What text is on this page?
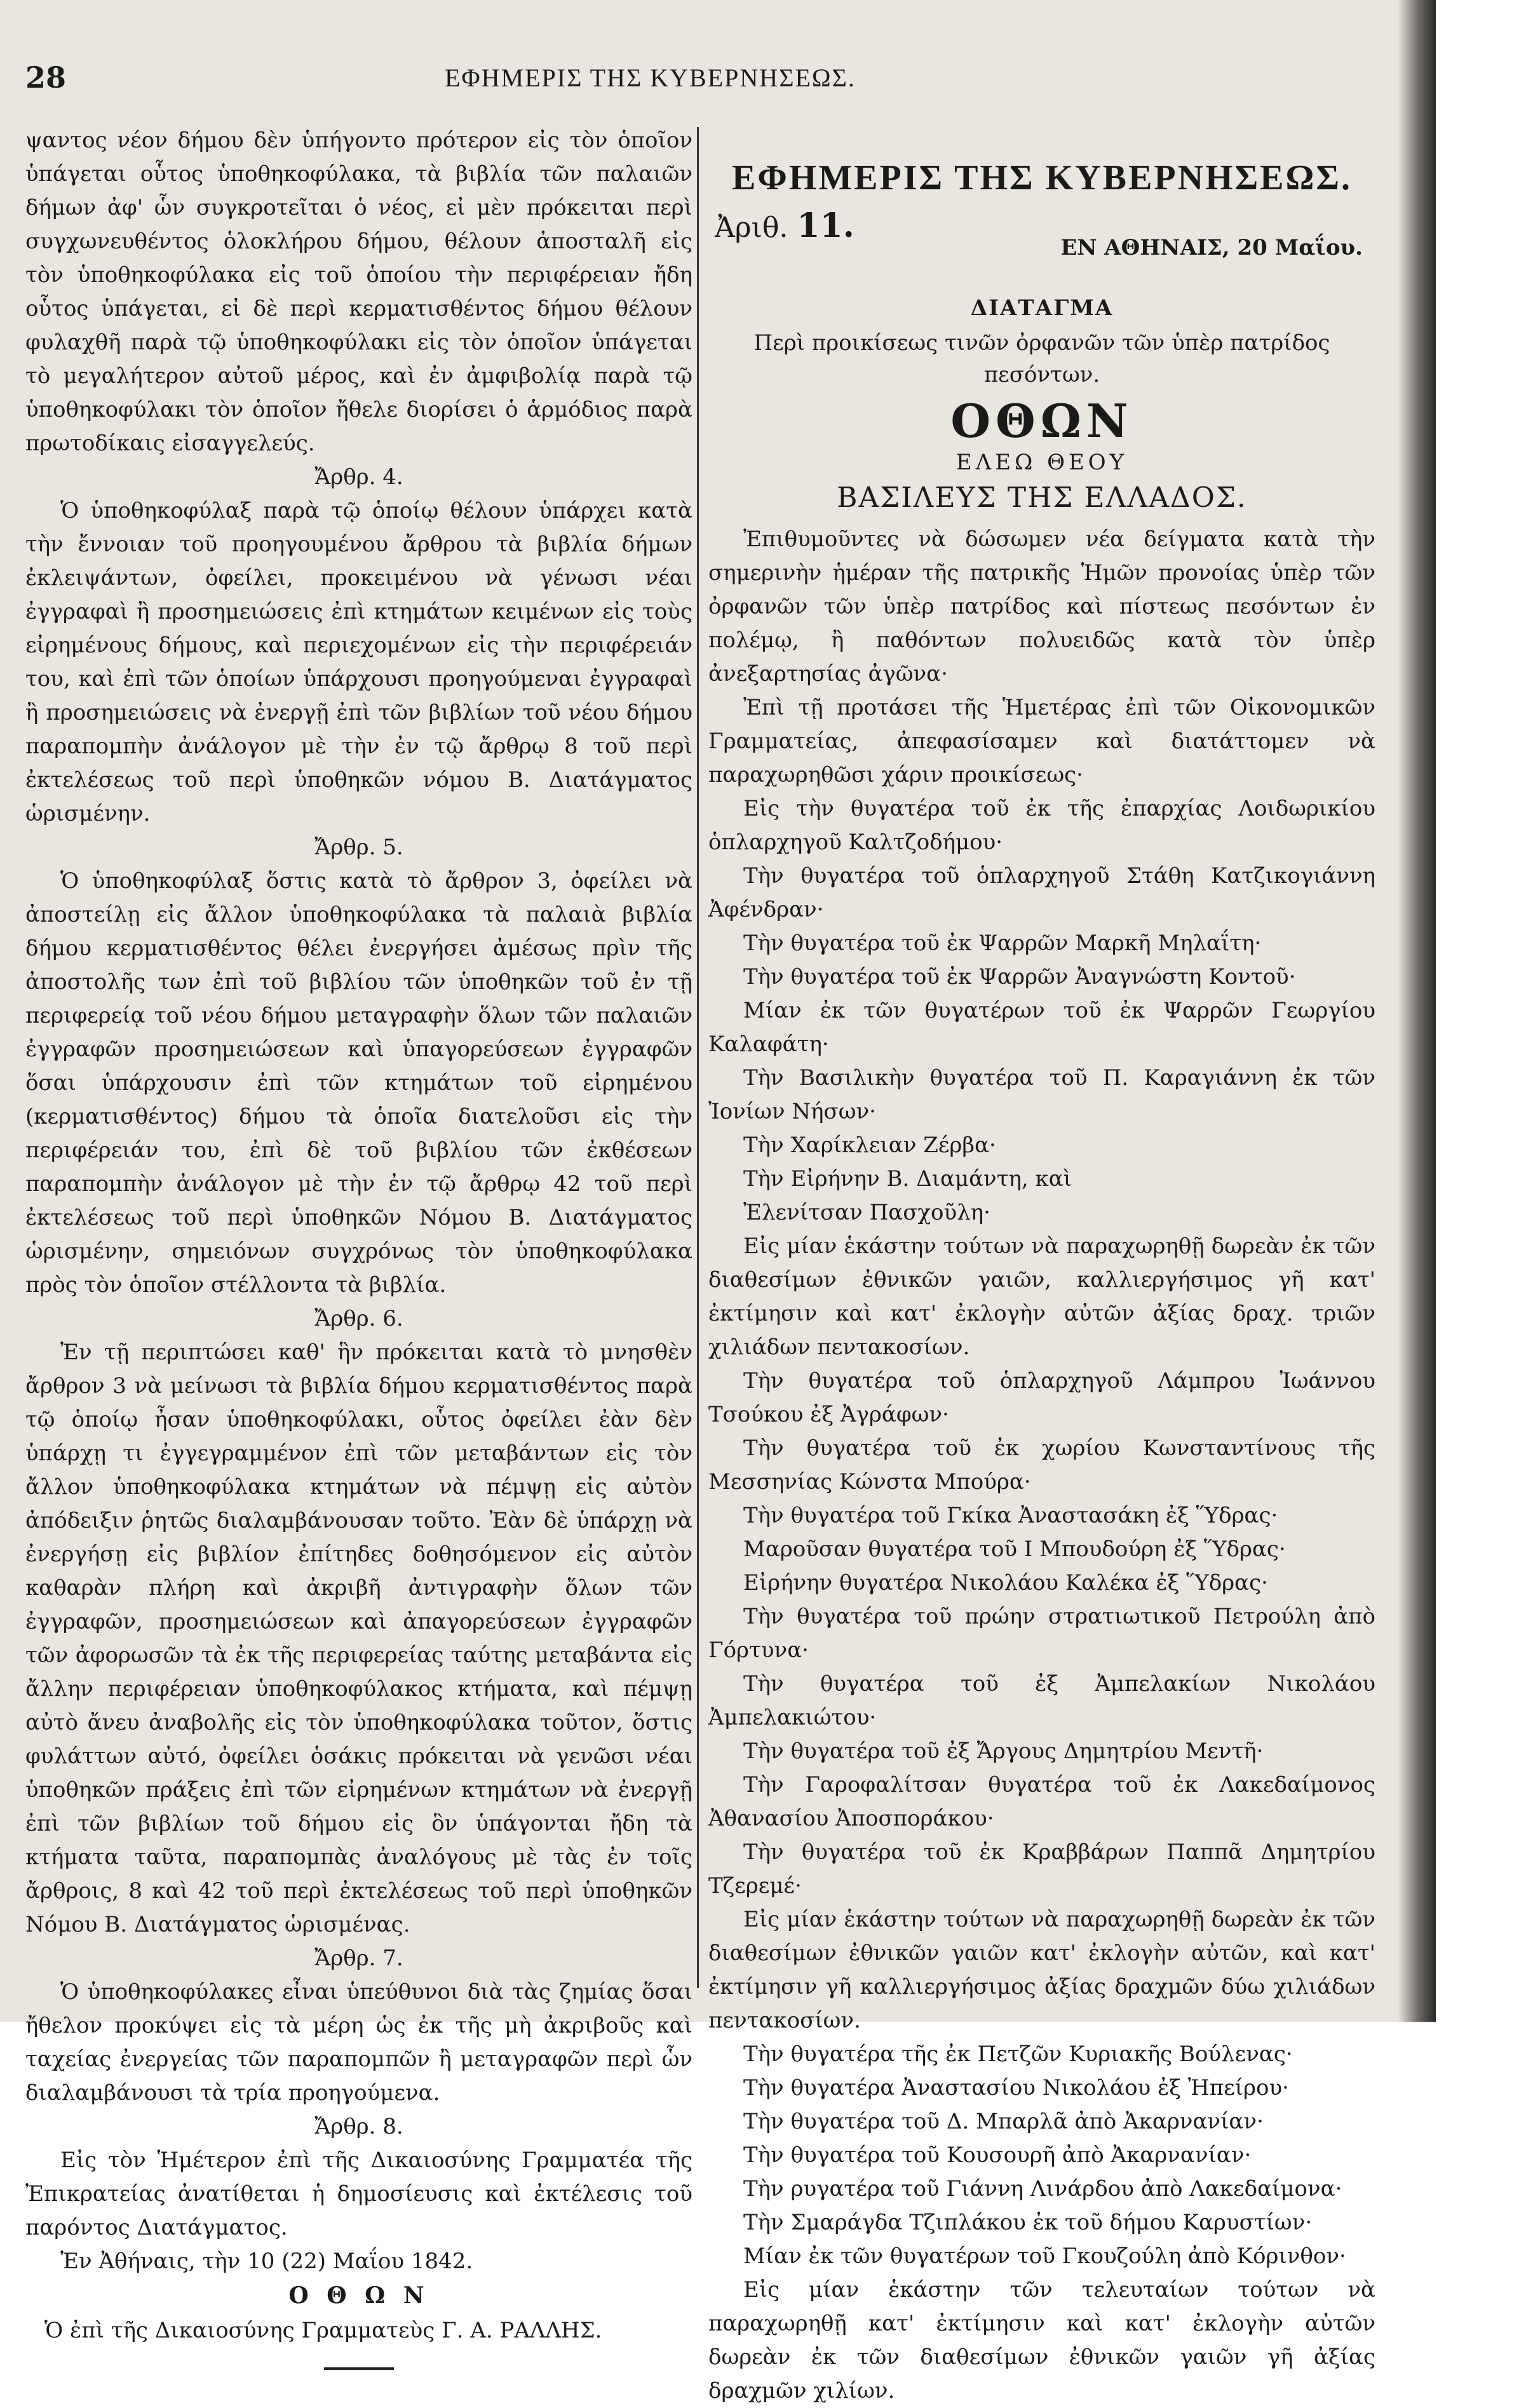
28	ΕΦΗΜΕΡΙΣ ΤΗΣ ΚΥΒΕΡΝΗΣΕΩΣ.

ψαντος νέον δήμου δὲν ὑπήγοντο πρότερον εἰς τὸν ὁποῖον ὑπάγεται οὗτος ὑποθηκοφύλακα, τὰ βιβλία τῶν παλαιῶν δήμων ἀφ' ὧν συγκροτεῖται ὁ νέος, εἰ μὲν πρόκειται περὶ συγχωνευθέντος ὁλοκλήρου δήμου, θέλουν ἀποσταλῆ εἰς τὸν ὑποθηκοφύλακα εἰς τοῦ ὁποίου τὴν περιφέρειαν ἤδη οὗτος ὑπάγεται, εἰ δὲ περὶ κερματισθέντος δήμου θέλουν φυλαχθῆ παρὰ τῷ ὑποθηκοφύλακι εἰς τὸν ὁποῖον ὑπάγεται τὸ μεγαλήτερον αὐτοῦ μέρος, καὶ ἐν ἀμφιβολίᾳ παρὰ τῷ ὑποθηκοφύλακι τὸν ὁποῖον ἤθελε διορίσει ὁ ἁρμόδιος παρὰ πρωτοδίκαις εἰσαγγελεύς.

Ἄρθρ. 4.

Ὁ ὑποθηκοφύλαξ παρὰ τῷ ὁποίῳ θέλουν ὑπάρχει κατὰ τὴν ἔννοιαν τοῦ προηγουμένου ἄρθρου τὰ βιβλία δήμων ἐκλειψάντων, ὀφείλει, προκειμένου νὰ γένωσι νέαι ἐγγραφαὶ ἢ προσημειώσεις ἐπὶ κτημάτων κειμένων εἰς τοὺς εἰρημένους δήμους, καὶ περιεχομένων εἰς τὴν περιφέρειάν του, καὶ ἐπὶ τῶν ὁποίων ὑπάρχουσι προηγούμεναι ἐγγραφαὶ ἢ προσημειώσεις νὰ ἐνεργῇ ἐπὶ τῶν βιβλίων τοῦ νέου δήμου παραπομπὴν ἀνάλογον μὲ τὴν ἐν τῷ ἄρθρῳ 8 τοῦ περὶ ἐκτελέσεως τοῦ περὶ ὑποθηκῶν νόμου Β. Διατάγματος ὡρισμένην.

Ἄρθρ. 5.

Ὁ ὑποθηκοφύλαξ ὅστις κατὰ τὸ ἄρθρον 3, ὀφείλει νὰ ἀποστείλῃ εἰς ἄλλον ὑποθηκοφύλακα τὰ παλαιὰ βιβλία δήμου κερματισθέντος θέλει ἐνεργήσει ἀμέσως πρὶν τῆς ἀποστολῆς των ἐπὶ τοῦ βιβλίου τῶν ὑποθηκῶν τοῦ ἐν τῇ περιφερείᾳ τοῦ νέου δήμου μεταγραφὴν ὅλων τῶν παλαιῶν ἐγγραφῶν προσημειώσεων καὶ ὑπαγορεύσεων ἐγγραφῶν ὅσαι ὑπάρχουσιν ἐπὶ τῶν κτημάτων τοῦ εἰρημένου (κερματισθέντος) δήμου τὰ ὁποῖα διατελοῦσι εἰς τὴν περιφέρειάν του, ἐπὶ δὲ τοῦ βιβλίου τῶν ἐκθέσεων παραπομπὴν ἀνάλογον μὲ τὴν ἐν τῷ ἄρθρῳ 42 τοῦ περὶ ἐκτελέσεως τοῦ περὶ ὑποθηκῶν Νόμου Β. Διατάγματος ὡρισμένην, σημειόνων συγχρόνως τὸν ὑποθηκοφύλακα πρὸς τὸν ὁποῖον στέλλοντα τὰ βιβλία.

Ἄρθρ. 6.

Ἐν τῇ περιπτώσει καθ' ἣν πρόκειται κατὰ τὸ μνησθὲν ἄρθρον 3 νὰ μείνωσι τὰ βιβλία δήμου κερματισθέντος παρὰ τῷ ὁποίῳ ἦσαν ὑποθηκοφύλακι, οὗτος ὀφείλει ἐὰν δὲν ὑπάρχῃ τι ἐγγεγραμμένον ἐπὶ τῶν μεταβάντων εἰς τὸν ἄλλον ὑποθηκοφύλακα κτημάτων νὰ πέμψῃ εἰς αὐτὸν ἀπόδειξιν ῥητῶς διαλαμβάνουσαν τοῦτο. Ἐὰν δὲ ὑπάρχῃ νὰ ἐνεργήσῃ εἰς βιβλίον ἐπίτηδες δοθησόμενον εἰς αὐτὸν καθαρὰν πλήρη καὶ ἀκριβῆ ἀντιγραφὴν ὅλων τῶν ἐγγραφῶν, προσημειώσεων καὶ ἀπαγορεύσεων ἐγγραφῶν τῶν ἀφορωσῶν τὰ ἐκ τῆς περιφερείας ταύτης μεταβάντα εἰς ἄλλην περιφέρειαν ὑποθηκοφύλακος κτήματα, καὶ πέμψῃ αὐτὸ ἄνευ ἀναβολῆς εἰς τὸν ὑποθηκοφύλακα τοῦτον, ὅστις φυλάττων αὐτό, ὀφείλει ὁσάκις πρόκειται νὰ γενῶσι νέαι ὑποθηκῶν πράξεις ἐπὶ τῶν εἰρημένων κτημάτων νὰ ἐνεργῇ ἐπὶ τῶν βιβλίων τοῦ δήμου εἰς ὃν ὑπάγονται ἤδη τὰ κτήματα ταῦτα, παραπομπὰς ἀναλόγους μὲ τὰς ἐν τοῖς ἄρθροις, 8 καὶ 42 τοῦ περὶ ἐκτελέσεως τοῦ περὶ ὑποθηκῶν Νόμου Β. Διατάγματος ὡρισμένας.

Ἄρθρ. 7.

Ὁ ὑποθηκοφύλακες εἶναι ὑπεύθυνοι διὰ τὰς ζημίας ὅσαι ἤθελον προκύψει εἰς τὰ μέρη ὡς ἐκ τῆς μὴ ἀκριβοῦς καὶ ταχείας ἐνεργείας τῶν παραπομπῶν ἢ μεταγραφῶν περὶ ὧν διαλαμβάνουσι τὰ τρία προηγούμενα.

Ἄρθρ. 8.

Εἰς τὸν Ἡμέτερον ἐπὶ τῆς Δικαιοσύνης Γραμματέα τῆς Ἐπικρατείας ἀνατίθεται ἡ δημοσίευσις καὶ ἐκτέλεσις τοῦ παρόντος Διατάγματος.

Ἐν Ἀθήναις, τὴν 10 (22) Μαΐου 1842.

Ο Θ Ω Ν

Ὁ ἐπὶ τῆς Δικαιοσύνης Γραμματεὺς Γ. Α. ΡΑΛΛΗΣ.

ΕΦΗΜΕΡΙΣ ΤΗΣ ΚΥΒΕΡΝΗΣΕΩΣ.
Ἀριθ. 11.
ΕΝ ΑΘΗΝΑΙΣ, 20 Μαΐου.

ΔΙΑΤΑΓΜΑ

Περὶ προικίσεως τινῶν ὀρφανῶν τῶν ὑπὲρ πατρίδος πεσόντων.

ΟΘΩΝ

ΕΛΕΩ ΘΕΟΥ

ΒΑΣΙΛΕΥΣ ΤΗΣ ΕΛΛΑΔΟΣ.

Ἐπιθυμοῦντες νὰ δώσωμεν νέα δείγματα κατὰ τὴν σημερινὴν ἡμέραν τῆς πατρικῆς Ἡμῶν προνοίας ὑπὲρ τῶν ὀρφανῶν τῶν ὑπὲρ πατρίδος καὶ πίστεως πεσόντων ἐν πολέμῳ, ἢ παθόντων πολυειδῶς κατὰ τὸν ὑπὲρ ἀνεξαρτησίας ἀγῶνα·

Ἐπὶ τῇ προτάσει τῆς Ἡμετέρας ἐπὶ τῶν Οἰκονομικῶν Γραμματείας, ἀπεφασίσαμεν καὶ διατάττομεν νὰ παραχωρηθῶσι χάριν προικίσεως·

Εἰς τὴν θυγατέρα τοῦ ἐκ τῆς ἐπαρχίας Λοιδωρικίου ὁπλαρχηγοῦ Καλτζοδήμου·

Τὴν θυγατέρα τοῦ ὁπλαρχηγοῦ Στάθη Κατζικογιάννη Ἀφένδραν·

Τὴν θυγατέρα τοῦ ἐκ Ψαρρῶν Μαρκῆ Μηλαΐτη·

Τὴν θυγατέρα τοῦ ἐκ Ψαρρῶν Ἀναγνώστη Κοντοῦ·

Μίαν ἐκ τῶν θυγατέρων τοῦ ἐκ Ψαρρῶν Γεωργίου Καλαφάτη·

Τὴν Βασιλικὴν θυγατέρα τοῦ Π. Καραγιάννη ἐκ τῶν Ἰονίων Νήσων·

Τὴν Χαρίκλειαν Ζέρβα·

Τὴν Εἰρήνην Β. Διαμάντη, καὶ

Ἐλενίτσαν Πασχοῦλη·

Εἰς μίαν ἑκάστην τούτων νὰ παραχωρηθῇ δωρεὰν ἐκ τῶν διαθεσίμων ἐθνικῶν γαιῶν, καλλιεργήσιμος γῆ κατ' ἐκτίμησιν καὶ κατ' ἐκλογὴν αὐτῶν ἀξίας δραχ. τριῶν χιλιάδων πεντακοσίων.

Τὴν θυγατέρα τοῦ ὁπλαρχηγοῦ Λάμπρου Ἰωάννου Τσούκου ἐξ Ἀγράφων·

Τὴν θυγατέρα τοῦ ἐκ χωρίου Κωνσταντίνους τῆς Μεσσηνίας Κώνστα Μπούρα·

Τὴν θυγατέρα τοῦ Γκίκα Ἀναστασάκη ἐξ Ὕδρας·

Μαροῦσαν θυγατέρα τοῦ Ι Μπουδούρη ἐξ Ὕδρας·

Εἰρήνην θυγατέρα Νικολάου Καλέκα ἐξ Ὕδρας·

Τὴν θυγατέρα τοῦ πρώην στρατιωτικοῦ Πετρούλη ἀπὸ Γόρτυνα·

Τὴν θυγατέρα τοῦ ἐξ Ἀμπελακίων Νικολάου Ἀμπελακιώτου·

Τὴν θυγατέρα τοῦ ἐξ Ἄργους Δημητρίου Μεντῆ·

Τὴν Γαροφαλίτσαν θυγατέρα τοῦ ἐκ Λακεδαίμονος Ἀθανασίου Ἀποσποράκου·

Τὴν θυγατέρα τοῦ ἐκ Κραββάρων Παππᾶ Δημητρίου Τζερεμέ·

Εἰς μίαν ἑκάστην τούτων νὰ παραχωρηθῇ δωρεὰν ἐκ τῶν διαθεσίμων ἐθνικῶν γαιῶν κατ' ἐκλογὴν αὐτῶν, καὶ κατ' ἐκτίμησιν γῆ καλλιεργήσιμος ἀξίας δραχμῶν δύω χιλιάδων πεντακοσίων.

Τὴν θυγατέρα τῆς ἐκ Πετζῶν Κυριακῆς Βούλενας·

Τὴν θυγατέρα Ἀναστασίου Νικολάου ἐξ Ἠπείρου·

Τὴν θυγατέρα τοῦ Δ. Μπαρλᾶ ἀπὸ Ἀκαρνανίαν·

Τὴν θυγατέρα τοῦ Κουσουρῆ ἀπὸ Ἀκαρνανίαν·

Τὴν ρυγατέρα τοῦ Γιάννη Λινάρδου ἀπὸ Λακεδαίμονα·

Τὴν Σμαράγδα Τζιπλάκου ἐκ τοῦ δήμου Καρυστίων·

Μίαν ἐκ τῶν θυγατέρων τοῦ Γκουζούλη ἀπὸ Κόρινθον·

Εἰς μίαν ἑκάστην τῶν τελευταίων τούτων νὰ παραχωρηθῇ κατ' ἐκτίμησιν καὶ κατ' ἐκλογὴν αὐτῶν δωρεὰν ἐκ τῶν διαθεσίμων ἐθνικῶν γαιῶν γῆ ἀξίας δραχμῶν χιλίων.
